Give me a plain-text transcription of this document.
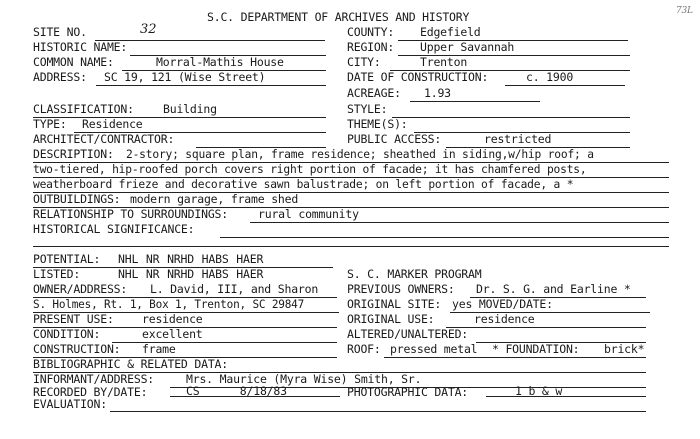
73L
S.C. DEPARTMENT OF ARCHIVES AND HISTORY
SITE NO.	32	COUNTY: Edgefield
HISTORIC NAME:	REGION: Upper Savannah
COMMON NAME:	Morral-Mathis House	CITY:	Trenton
ADDRESS: SC 19, 121 (Wise Street)	DATE OF CONSTRUCTION:	c. 1900
ACREAGE: 1.93
CLASSIFICATION:	Building	STYLE:
TYPE: Residence	THEME(S):
ARCHITECT/CONTRACTOR:	PUBLIC ACCESS:	restricted
DESCRIPTION: 2-story; square plan, frame residence; sheathed in siding,w/hip roof; a
two-tiered, hip-roofed porch covers right portion of facade; it has chamfered posts,
weatherboard frieze and decorative sawn balustrade; on left portion of facade, a *
OUTBUILDINGS: modern garage, frame shed
RELATIONSHIP TO SURROUNDINGS:	rural community
HISTORICAL SIGNIFICANCE:
POTENTIAL: NHL NR NRHD HABS HAER
LISTED:	NHL NR NRHD HABS HAER	S. C. MARKER PROGRAM
OWNER/ADDRESS: L. David, III, and Sharon	PREVIOUS OWNERS: Dr. S. G. and Earline *
S. Holmes, Rt. 1, Box 1, Trenton, SC 29847	ORIGINAL SITE: yes MOVED/DATE:
PRESENT USE: residence	ORIGINAL USE:	residence
CONDITION:	excellent	ALTERED/UNALTERED:
CONSTRUCTION: frame	ROOF: pressed metal * FOUNDATION: brick*
BIBLIOGRAPHIC & RELATED DATA:
INFORMANT/ADDRESS:	Mrs. Maurice (Myra Wise) Smith, Sr.
RECORDED BY/DATE:	CS      8/18/83	PHOTOGRAPHIC DATA:	1 b & w
EVALUATION:
